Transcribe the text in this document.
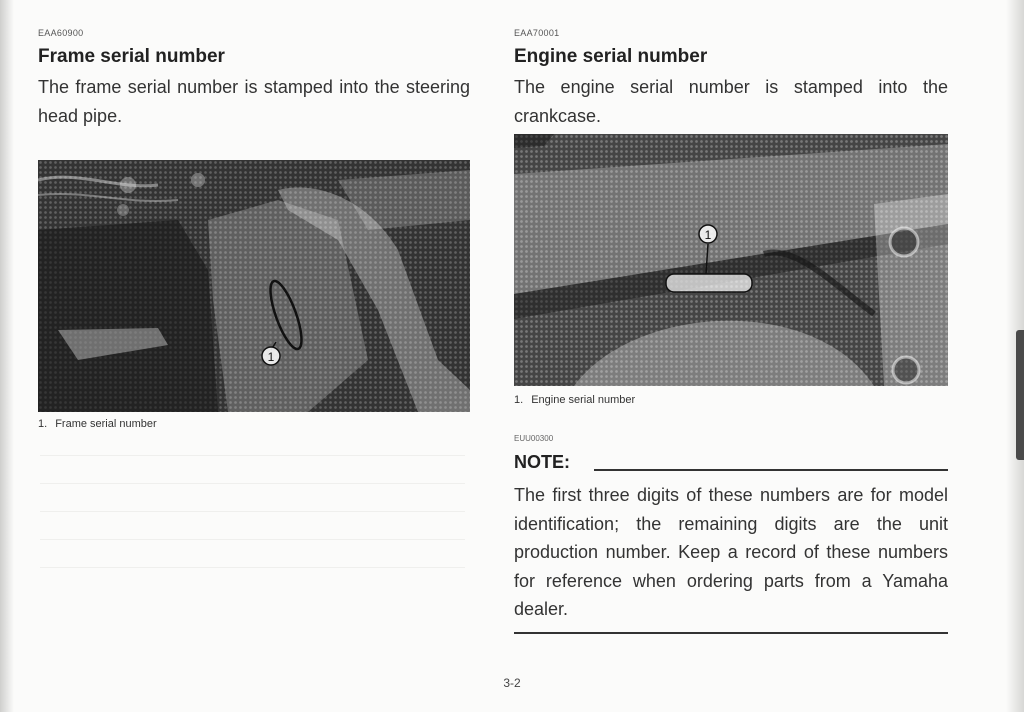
EAA60900
Frame serial number

The frame serial number is stamped into the steering head pipe.

1
1. Frame serial number
EAA70001
Engine serial number

The engine serial number is stamped into the crankcase.

1
1. Engine serial number
EUU00300
NOTE:

The first three digits of these numbers are for model identification; the remaining digits are the unit production number. Keep a record of these numbers for reference when ordering parts from a Yamaha dealer.

3-2
